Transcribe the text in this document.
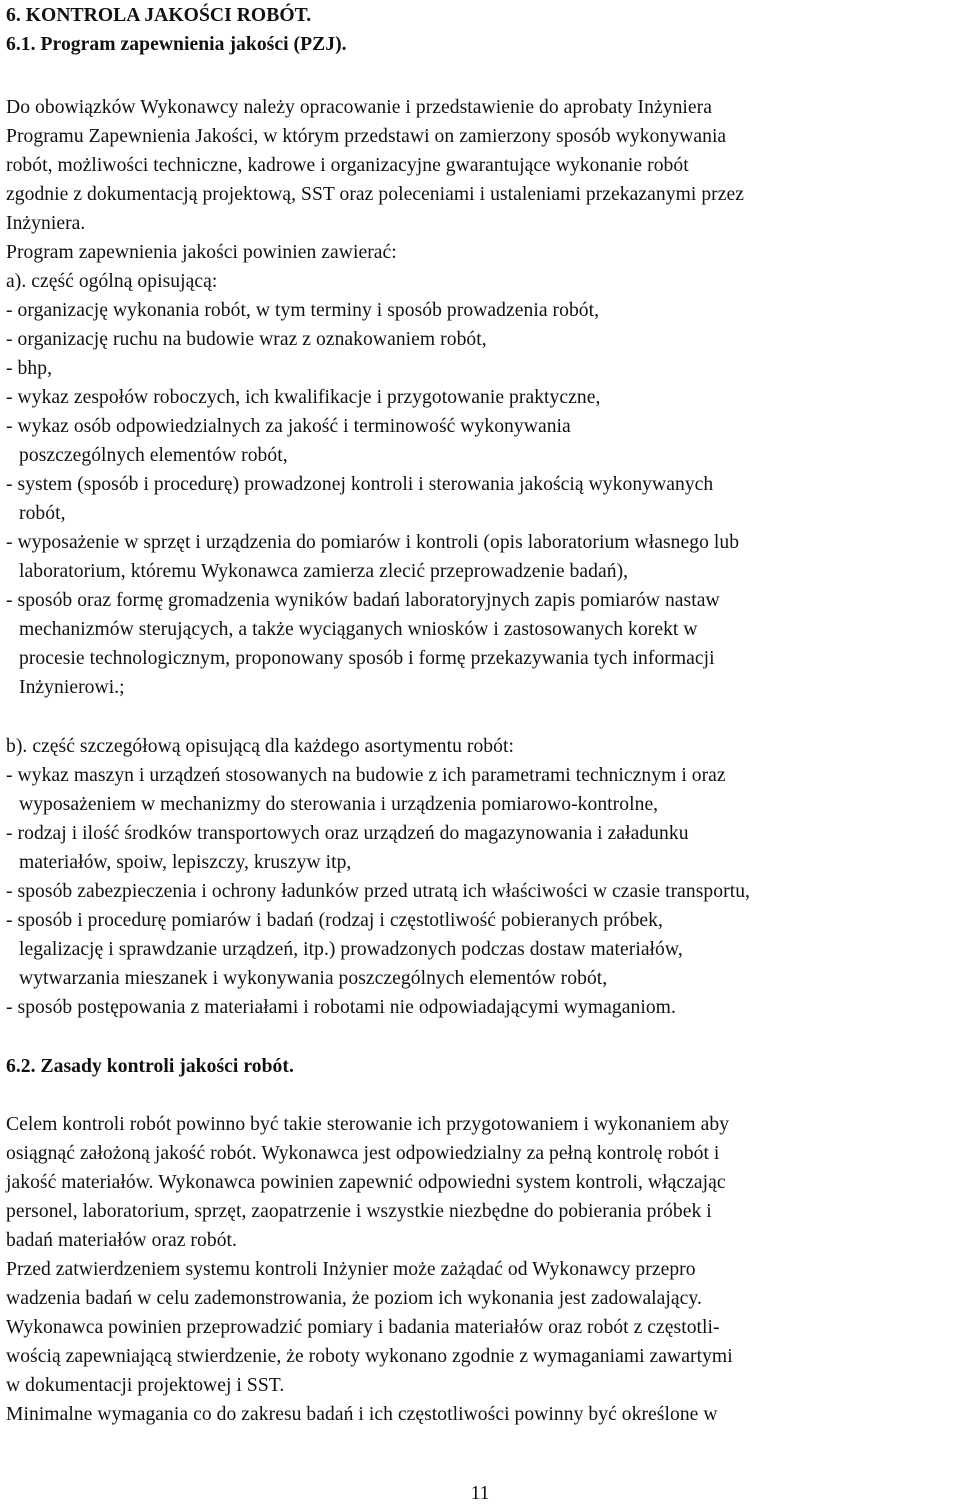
6. KONTROLA JAKOŚCI ROBÓT.
6.1. Program zapewnienia jakości (PZJ).
Do obowiązków Wykonawcy należy opracowanie i przedstawienie do aprobaty Inżyniera
Programu Zapewnienia Jakości, w którym przedstawi on zamierzony sposób wykonywania
robót, możliwości techniczne, kadrowe i organizacyjne gwarantujące wykonanie robót
zgodnie z dokumentacją projektową, SST oraz poleceniami i ustaleniami przekazanymi przez
Inżyniera.
Program zapewnienia jakości powinien zawierać:
a). część ogólną opisującą:
- organizację wykonania robót, w tym terminy i sposób prowadzenia robót,
- organizację ruchu na budowie wraz z oznakowaniem robót,
- bhp,
- wykaz zespołów roboczych, ich kwalifikacje i przygotowanie praktyczne,
- wykaz osób odpowiedzialnych za jakość i terminowość wykonywania
poszczególnych elementów robót,
- system (sposób i procedurę) prowadzonej kontroli i sterowania jakością wykonywanych
robót,
- wyposażenie w sprzęt i urządzenia do pomiarów i kontroli (opis laboratorium własnego lub
laboratorium, któremu Wykonawca zamierza zlecić przeprowadzenie badań),
- sposób oraz formę gromadzenia wyników badań laboratoryjnych zapis pomiarów nastaw
mechanizmów sterujących, a także wyciąganych wniosków i zastosowanych korekt w
procesie technologicznym, proponowany sposób i formę przekazywania tych informacji
Inżynierowi.;
b). część szczegółową opisującą dla każdego asortymentu robót:
- wykaz maszyn i urządzeń stosowanych na budowie z ich parametrami technicznym i oraz
wyposażeniem w mechanizmy do sterowania i urządzenia pomiarowo-kontrolne,
- rodzaj i ilość środków transportowych oraz urządzeń do magazynowania i załadunku
materiałów, spoiw, lepiszczy, kruszyw itp,
- sposób zabezpieczenia i ochrony ładunków przed utratą ich właściwości w czasie transportu,
- sposób i procedurę pomiarów i badań (rodzaj i częstotliwość pobieranych próbek,
legalizację i sprawdzanie urządzeń, itp.) prowadzonych podczas dostaw materiałów,
wytwarzania mieszanek i wykonywania poszczególnych elementów robót,
- sposób postępowania z materiałami i robotami nie odpowiadającymi wymaganiom.
6.2. Zasady kontroli jakości robót.
Celem kontroli robót powinno być takie sterowanie ich przygotowaniem i wykonaniem aby
osiągnąć założoną jakość robót. Wykonawca jest odpowiedzialny za pełną kontrolę robót i
jakość materiałów. Wykonawca powinien zapewnić odpowiedni system kontroli, włączając
personel, laboratorium, sprzęt, zaopatrzenie i wszystkie niezbędne do pobierania próbek i
badań materiałów oraz robót.
Przed zatwierdzeniem systemu kontroli Inżynier może zażądać od Wykonawcy przepro
wadzenia badań w celu zademonstrowania, że poziom ich wykonania jest zadowalający.
Wykonawca powinien przeprowadzić pomiary i badania materiałów oraz robót z częstotli-
wością zapewniającą stwierdzenie, że roboty wykonano zgodnie z wymaganiami zawartymi
w dokumentacji projektowej i SST.
Minimalne wymagania co do zakresu badań i ich częstotliwości powinny być określone w
11
